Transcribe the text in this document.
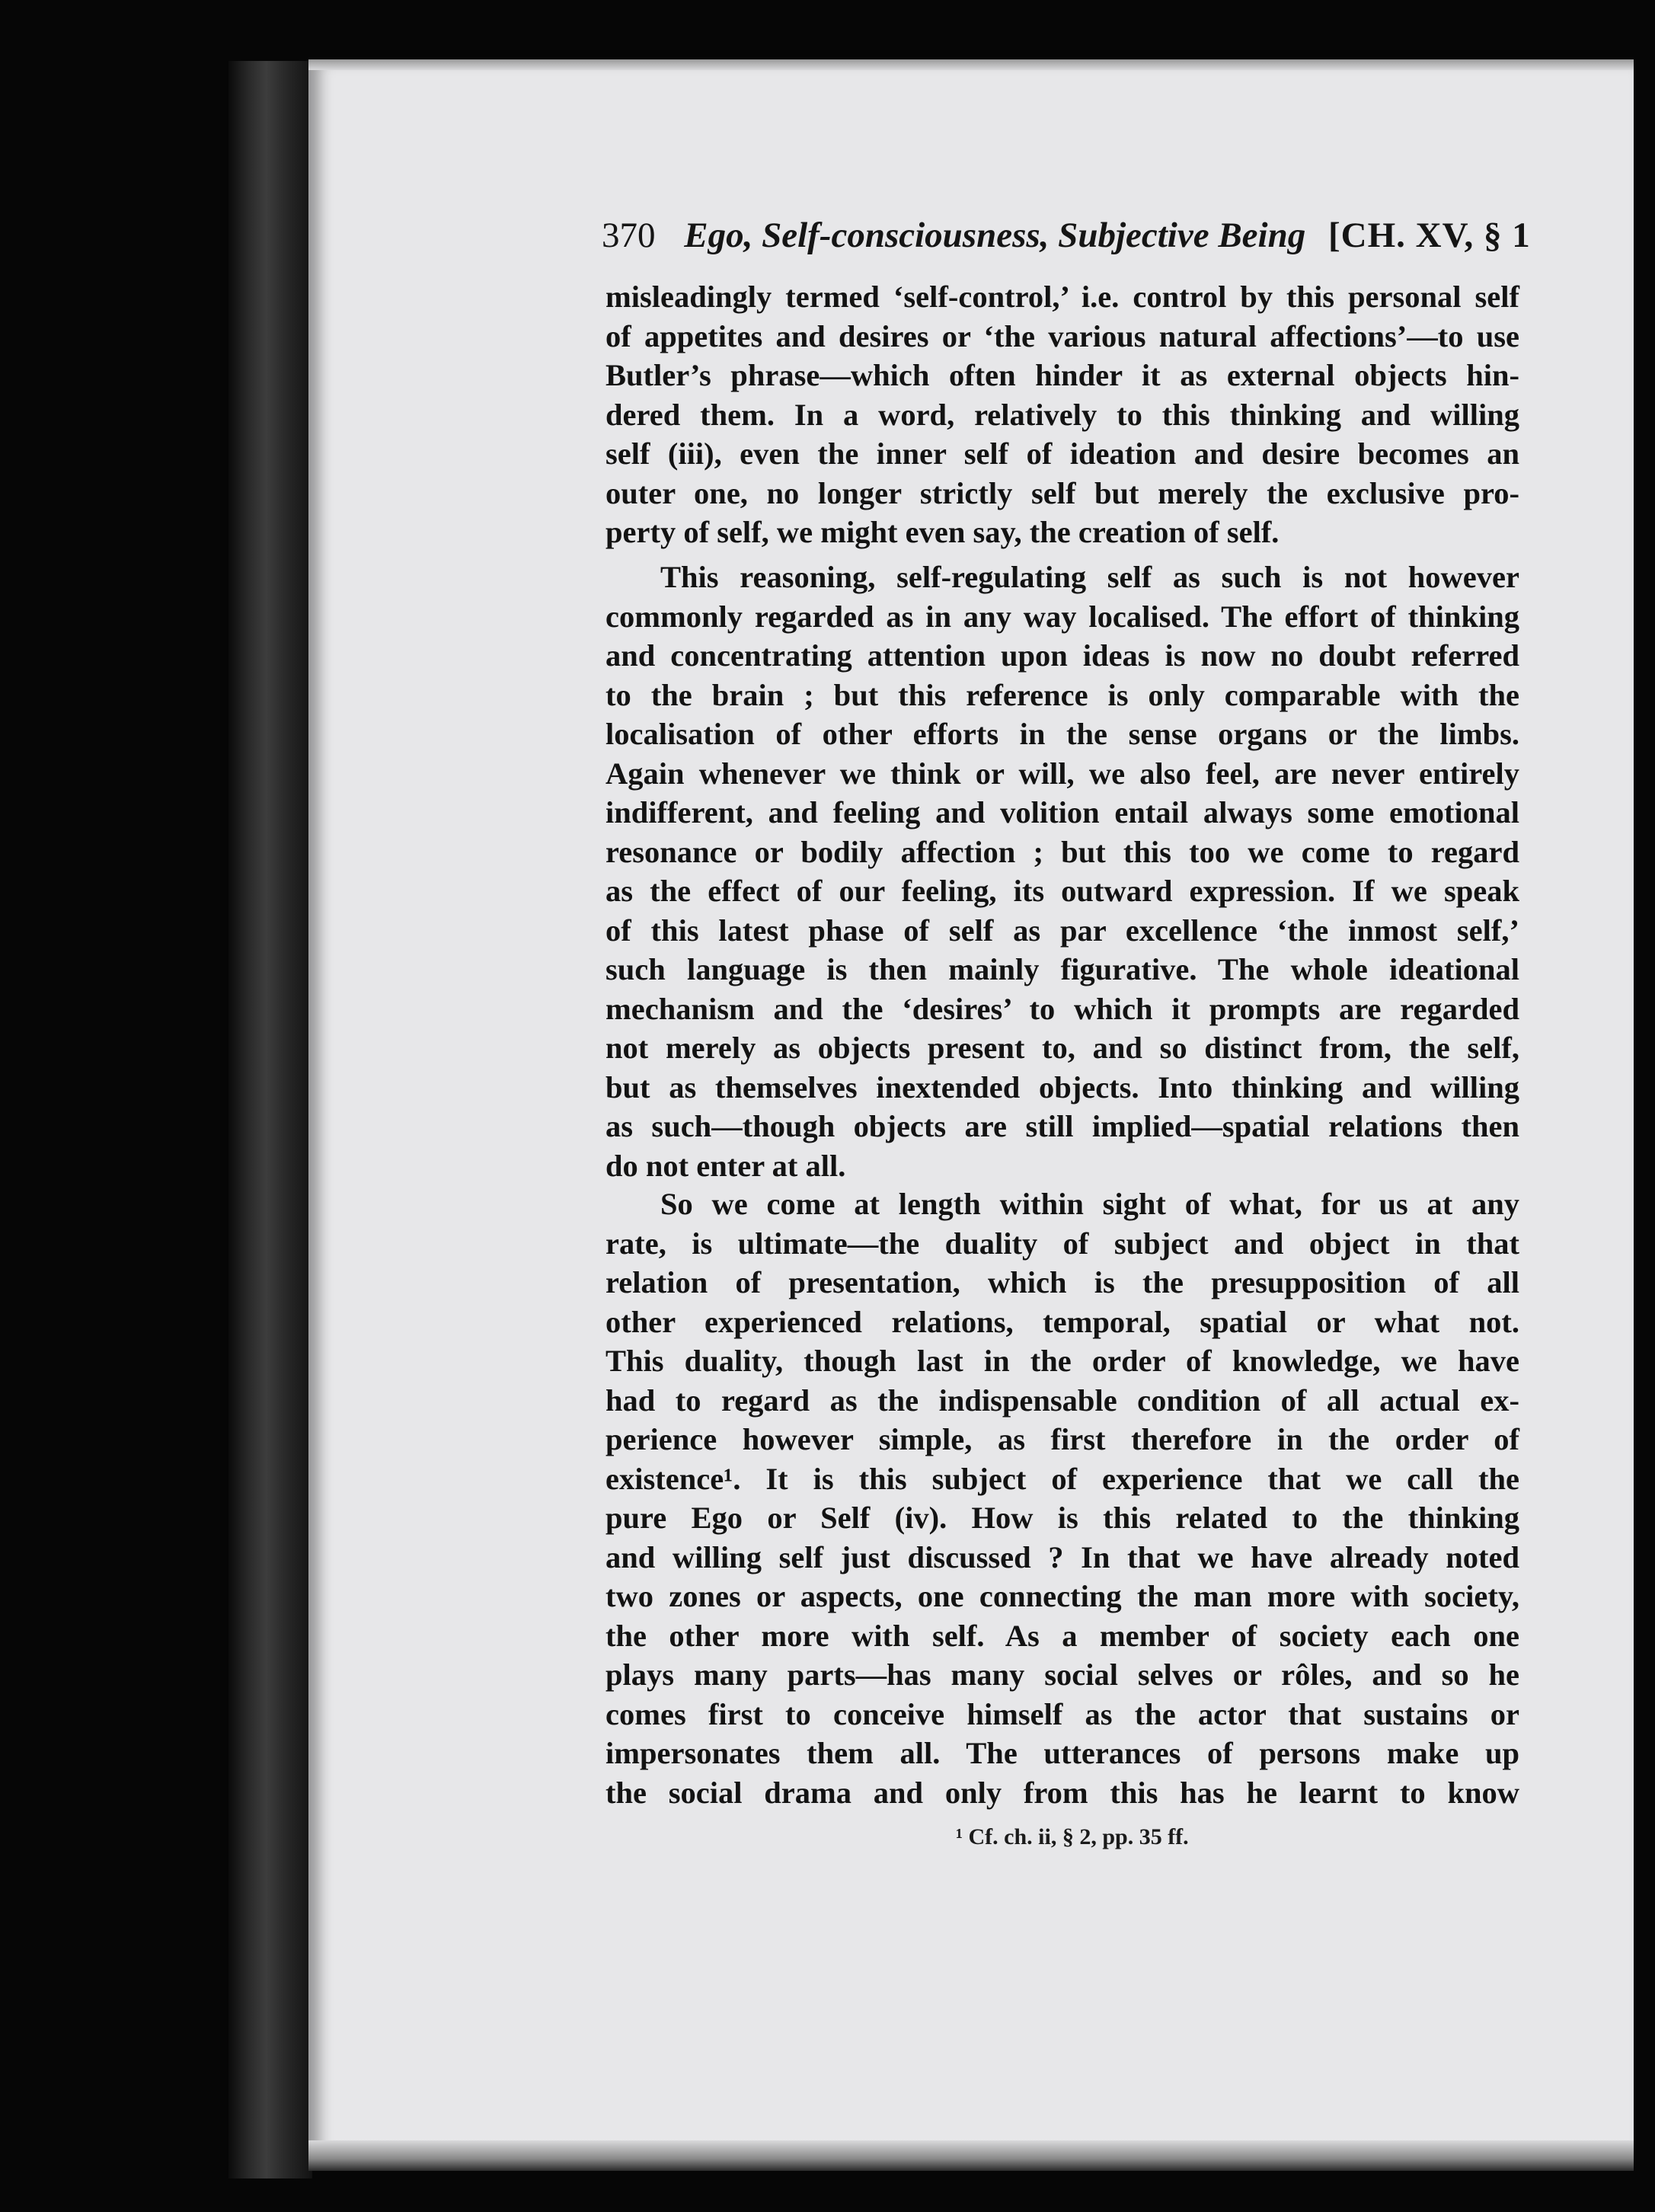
370 Ego, Self-consciousness, Subjective Being [CH. XV, § 1
misleadingly termed ‘self-control,’ i.e. control by this personal self
of appetites and desires or ‘the various natural affections’—to use
Butler’s phrase—which often hinder it as external objects hin-
dered them. In a word, relatively to this thinking and willing
self (iii), even the inner self of ideation and desire becomes an
outer one, no longer strictly self but merely the exclusive pro-
perty of self, we might even say, the creation of self.
This reasoning, self-regulating self as such is not however
commonly regarded as in any way localised. The effort of thinking
and concentrating attention upon ideas is now no doubt referred
to the brain ; but this reference is only comparable with the
localisation of other efforts in the sense organs or the limbs.
Again whenever we think or will, we also feel, are never entirely
indifferent, and feeling and volition entail always some emotional
resonance or bodily affection ; but this too we come to regard
as the effect of our feeling, its outward expression. If we speak
of this latest phase of self as par excellence ‘the inmost self,’
such language is then mainly figurative. The whole ideational
mechanism and the ‘desires’ to which it prompts are regarded
not merely as objects present to, and so distinct from, the self,
but as themselves inextended objects. Into thinking and willing
as such—though objects are still implied—spatial relations then
do not enter at all.
So we come at length within sight of what, for us at any
rate, is ultimate—the duality of subject and object in that
relation of presentation, which is the presupposition of all
other experienced relations, temporal, spatial or what not.
This duality, though last in the order of knowledge, we have
had to regard as the indispensable condition of all actual ex-
perience however simple, as first therefore in the order of
existence¹. It is this subject of experience that we call the
pure Ego or Self (iv). How is this related to the thinking
and willing self just discussed ? In that we have already noted
two zones or aspects, one connecting the man more with society,
the other more with self. As a member of society each one
plays many parts—has many social selves or rôles, and so he
comes first to conceive himself as the actor that sustains or
impersonates them all. The utterances of persons make up
the social drama and only from this has he learnt to know
¹ Cf. ch. ii, § 2, pp. 35 ff.
